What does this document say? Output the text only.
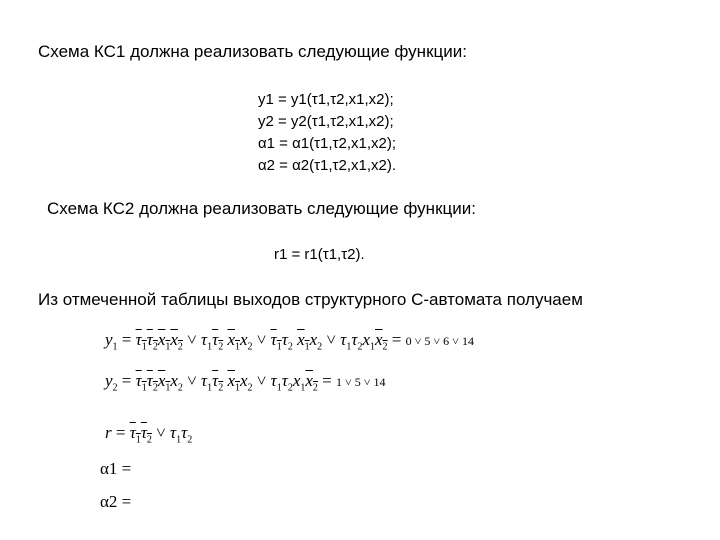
Схема КС1 должна реализовать следующие функции:
y1 = y1(τ1,τ2,x1,x2);
y2 = y2(τ1,τ2,x1,x2);
α1 = α1(τ1,τ2,x1,x2);
α2 = α2(τ1,τ2,x1,x2).
Схема КС2 должна реализовать следующие функции:
r1 = r1(τ1,τ2).
Из отмеченной таблицы выходов структурного С-автомата получаем
$y_1 = \tau_1\tau_2x_1x_2$ ˅ $\tau_1\tau_2$ $x_1x_2$ ˅ $\tau_1\tau_2$ $x_1x_2$ ˅ $\tau_1\tau_2x_1x_2 = 0$ ˅ 5 ˅ 6 ˅ 14
$y_2 = \tau_1\tau_2x_1x_2$ ˅ $\tau_1\tau_2$ $x_1x_2$ ˅ $\tau_1\tau_2x_1x_2 = 1$ ˅ 5 ˅ 14
$r = \tau_1\tau_2$ ˅ $\tau_1\tau_2$
α1 =
α2 =
